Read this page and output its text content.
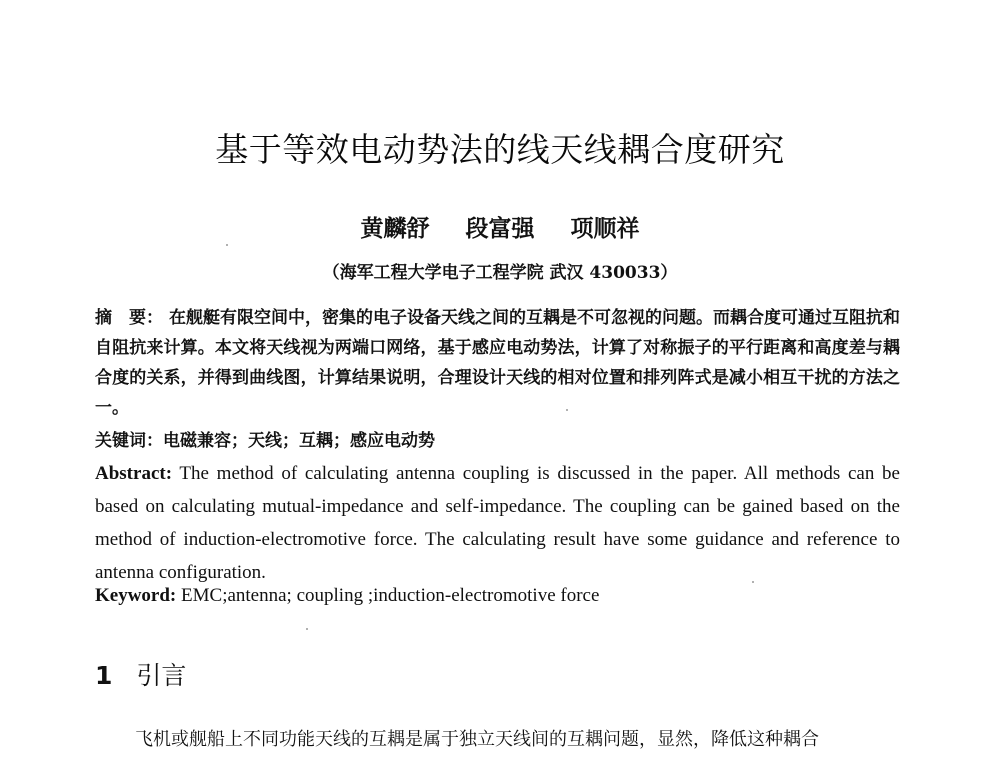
基于等效电动势法的线天线耦合度研究
黄麟舒 段富强 项顺祥
（海军工程大学电子工程学院 武汉 430033）
摘　要： 在舰艇有限空间中，密集的电子设备天线之间的互耦是不可忽视的问题。而耦合度可通过互阻抗和自阻抗来计算。本文将天线视为两端口网络，基于感应电动势法，计算了对称振子的平行距离和高度差与耦合度的关系，并得到曲线图，计算结果说明，合理设计天线的相对位置和排列阵式是减小相互干扰的方法之一。
关键词：电磁兼容；天线；互耦；感应电动势
Abstract: The method of calculating antenna coupling is discussed in the paper. All methods can be based on calculating mutual-impedance and self-impedance. The coupling can be gained based on the method of induction-electromotive force. The calculating result have some guidance and reference to antenna configuration.
Keyword: EMC;antenna; coupling ;induction-electromotive force
1 引言
飞机或舰船上不同功能天线的互耦是属于独立天线间的互耦问题，显然，降低这种耦合
